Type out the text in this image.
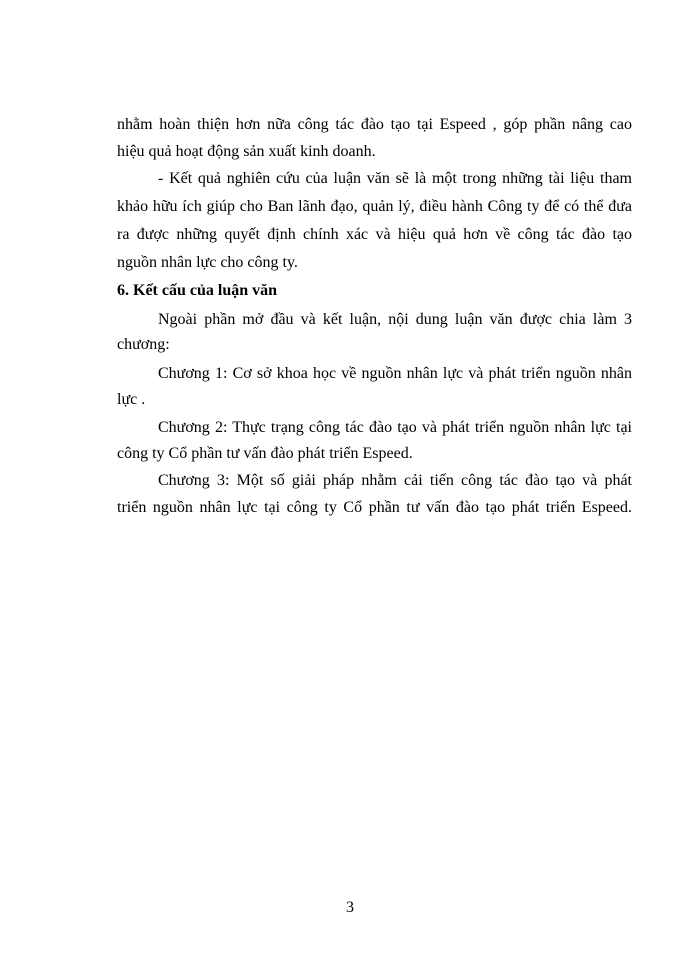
nhằm hoàn thiện hơn nữa công tác đào tạo tại Espeed , góp phần nâng cao
hiệu quả hoạt động sản xuất kinh doanh.
- Kết quả nghiên cứu của luận văn sẽ là một trong những tài liệu tham
khảo hữu ích giúp cho Ban lãnh đạo, quản lý, điều hành Công ty để có thể đưa
ra được những quyết định chính xác và hiệu quả hơn về công tác đào tạo
nguồn nhân lực cho công ty.
6. Kết cấu của luận văn
Ngoài phần mở đầu và kết luận, nội dung luận văn được chia làm 3
chương:
Chương 1: Cơ sở khoa học về nguồn nhân lực và phát triển nguồn nhân
lực .
Chương 2: Thực trạng công tác đào tạo và phát triển nguồn nhân lực tại
công ty Cổ phần tư vấn đào phát triển Espeed.
Chương 3: Một số giải pháp nhằm cải tiến công tác đào tạo và phát
triển nguồn nhân lực tại công ty Cổ phần tư vấn đào tạo phát triển Espeed.
3
